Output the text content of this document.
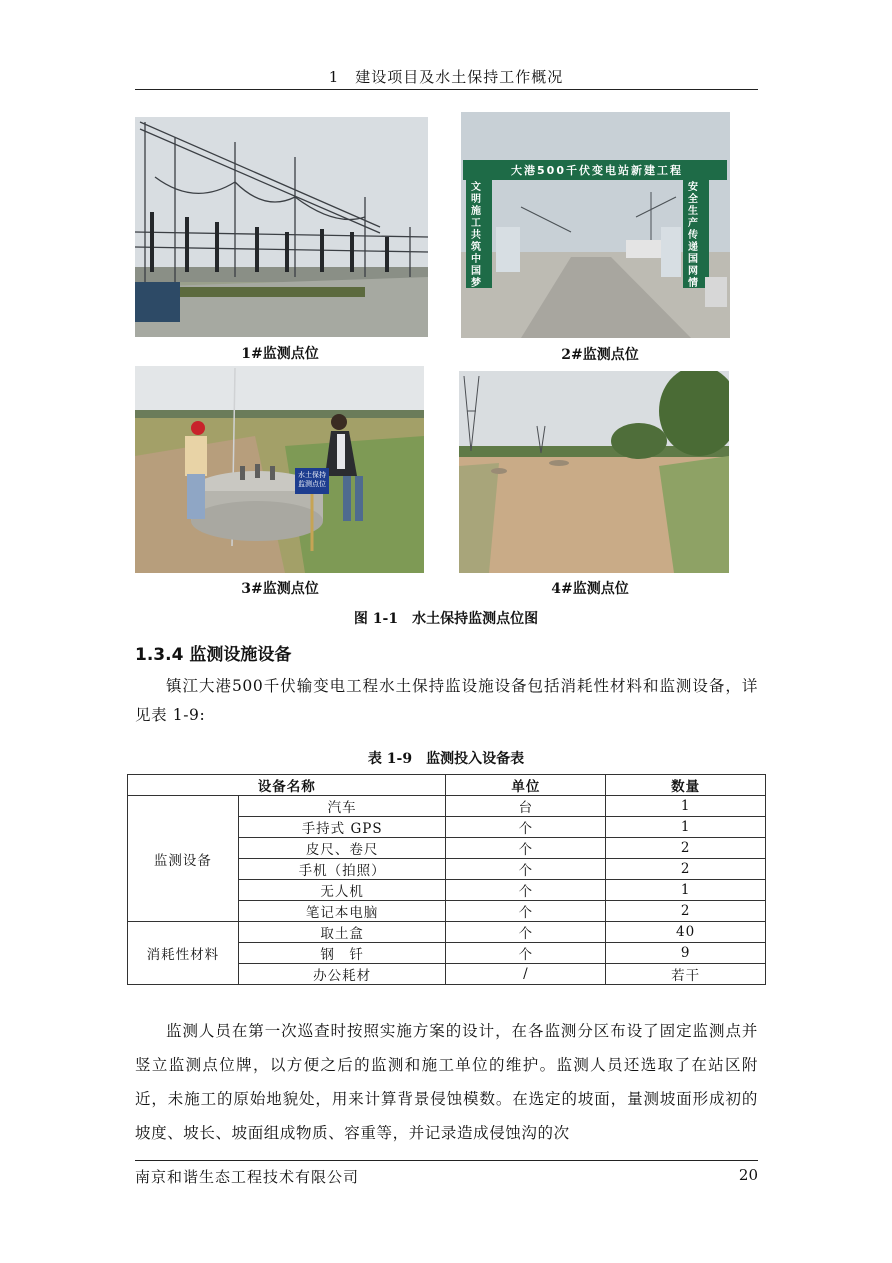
1　建设项目及水土保持工作概况
1#监测点位
大港500千伏变电站新建工程
文明施工共筑中国梦
安全生产传递国网情
2#监测点位
水土保持监测点位
3#监测点位	4#监测点位
图 1-1　水土保持监测点位图
1.3.4 监测设施设备
镇江大港500千伏输变电工程水土保持监设施设备包括消耗性材料和监测设备，详见表 1-9:
表 1-9　监测投入设备表
设备名称		单位	数量
监测设备	汽车	台	1
	手持式 GPS	个	1
	皮尺、卷尺	个	2
	手机（拍照）	个	2
	无人机	个	1
	笔记本电脑	个	2
消耗性材料	取土盒	个	40
	钢　钎	个	9
	办公耗材	/	若干
监测人员在第一次巡查时按照实施方案的设计，在各监测分区布设了固定监测点并竖立监测点位牌，以方便之后的监测和施工单位的维护。监测人员还选取了在站区附近，未施工的原始地貌处，用来计算背景侵蚀模数。在选定的坡面，量测坡面形成初的坡度、坡长、坡面组成物质、容重等，并记录造成侵蚀沟的次
南京和谐生态工程技术有限公司	20
